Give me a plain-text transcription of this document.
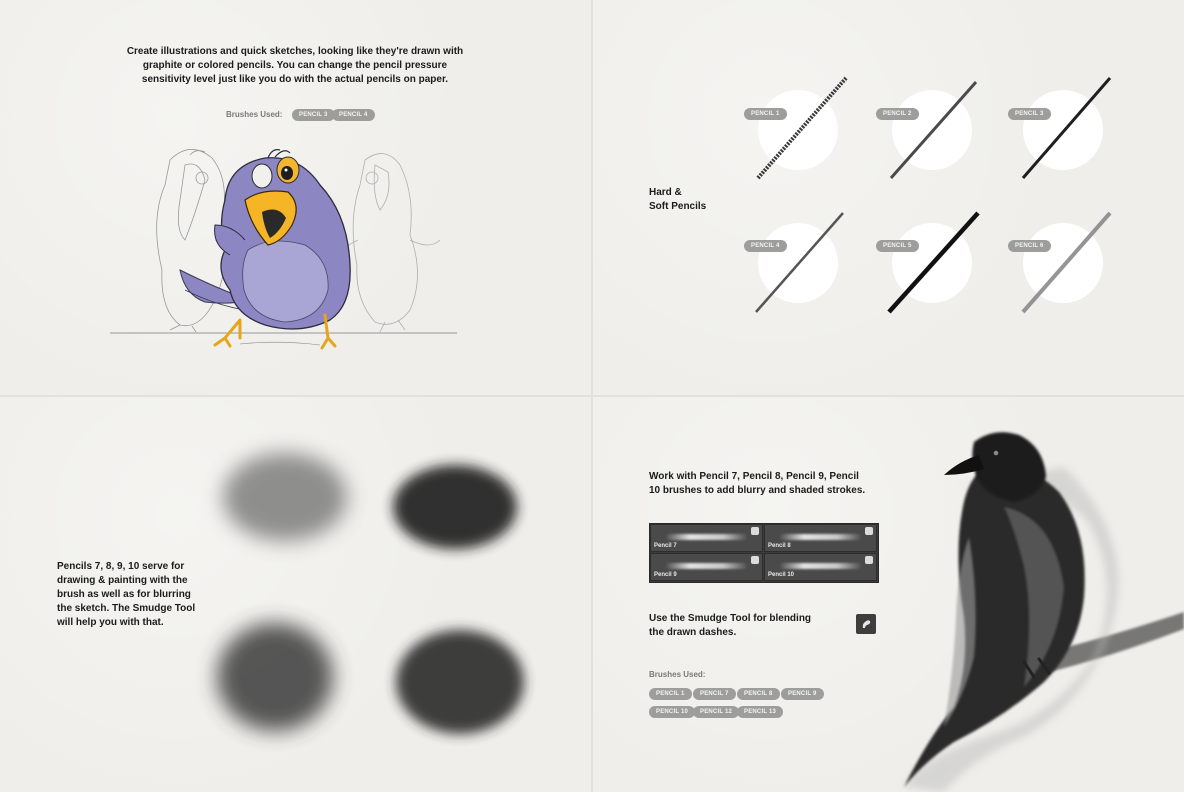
Create illustrations and quick sketches, looking like they're drawn with graphite or colored pencils. You can change the pencil pressure sensitivity level just like you do with the actual pencils on paper.
Brushes Used:	PENCIL 3	PENCIL 4
Hard &
Soft Pencils
PENCIL 1	PENCIL 2	PENCIL 3
PENCIL 4	PENCIL 5	PENCIL 6
Pencils 7, 8, 9, 10 serve for drawing & painting with the brush as well as for blurring the sketch. The Smudge Tool will help you with that.
Work with Pencil 7, Pencil 8, Pencil 9, Pencil 10 brushes to add blurry and shaded strokes.
Pencil 7	Pencil 8
Pencil 9	Pencil 10
Use the Smudge Tool for blending the drawn dashes.
Brushes Used:
PENCIL 1	PENCIL 7	PENCIL 8	PENCIL 9
PENCIL 10	PENCIL 12	PENCIL 13
